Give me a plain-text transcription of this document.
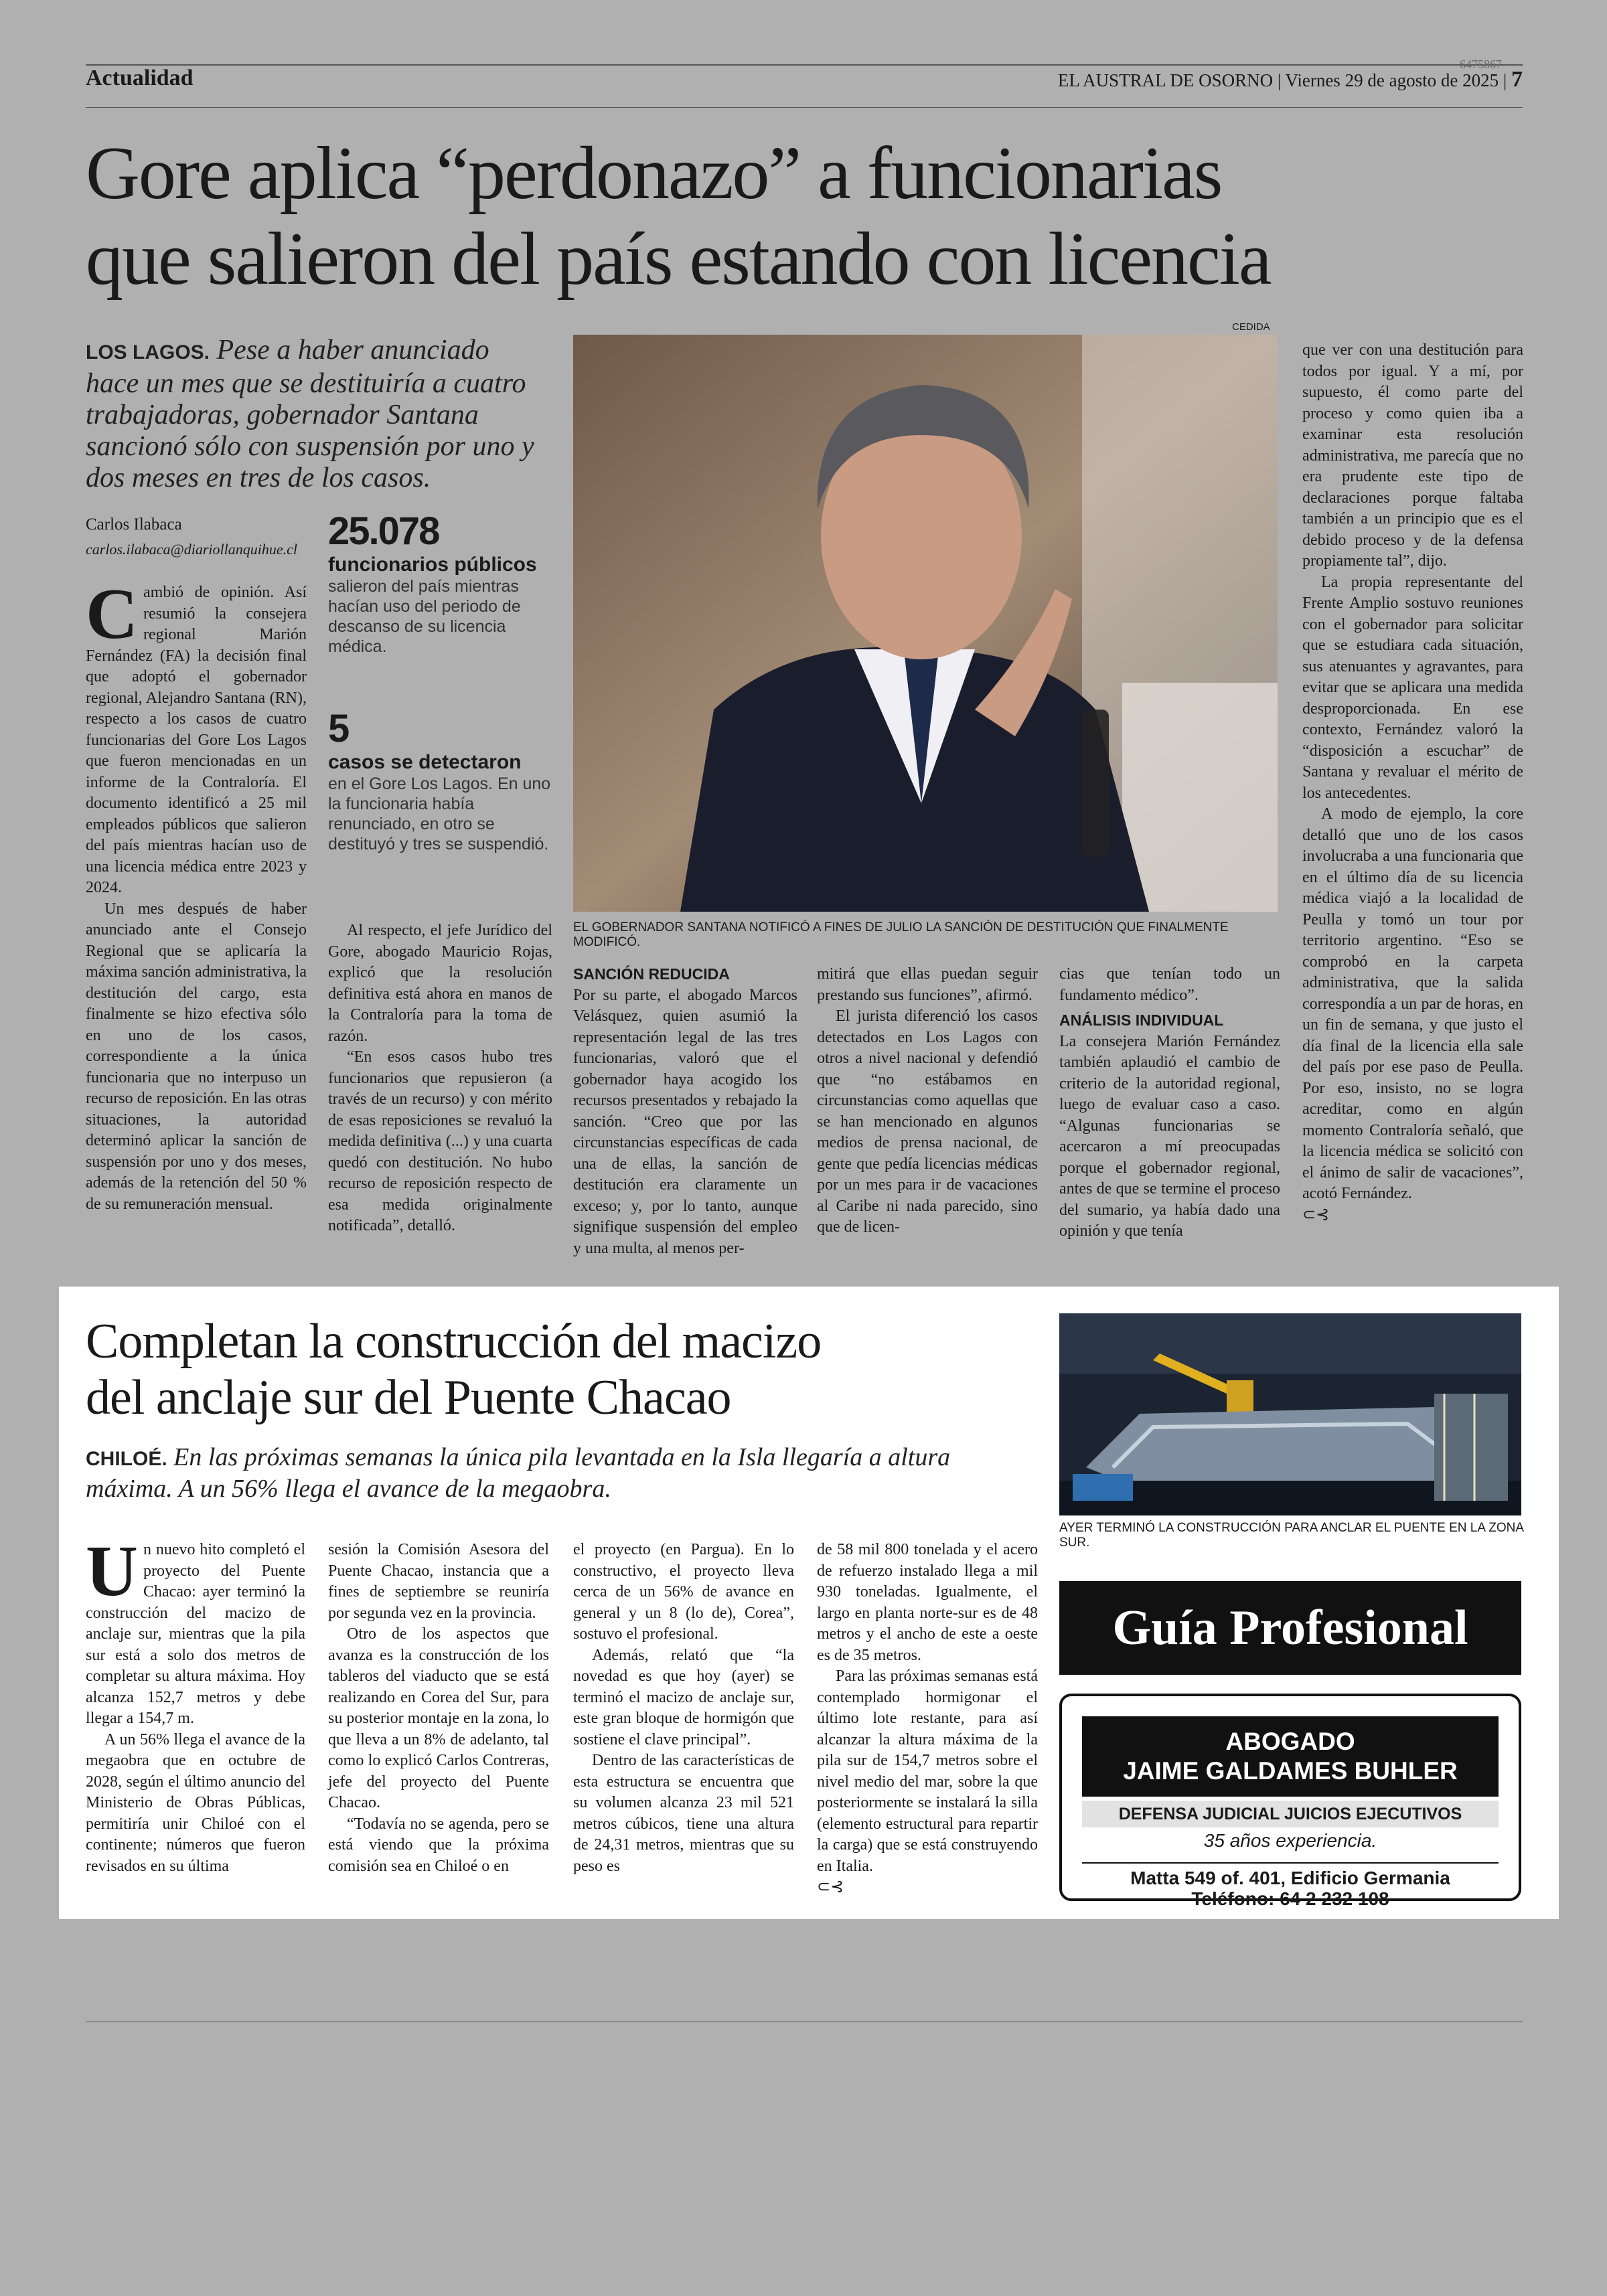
Actualidad	EL AUSTRAL DE OSORNO | Viernes 29 de agosto de 2025 | 7
6475867
Gore aplica “perdonazo” a funcionarias
que salieron del país estando con licencia
LOS LAGOS. Pese a haber anunciado hace un mes que se destituiría a cuatro trabajadoras, gobernador Santana sancionó sólo con suspensión por uno y dos meses en tres de los casos.
Carlos Ilabaca
carlos.ilabaca@diariollanquihue.cl 25.078
funcionarios públicos
salieron del país mientras hacían uso del periodo de descanso de su licencia médica.
5
casos se detectaron
en el Gore Los Lagos. En uno la funcionaria había renunciado, en otro se destituyó y tres se suspendió.
CEDIDA
EL GOBERNADOR SANTANA NOTIFICÓ A FINES DE JULIO LA SANCIÓN DE DESTITUCIÓN QUE FINALMENTE MODIFICÓ.
C ambió de opinión. Así resumió la consejera regional Marión Fernández (FA) la decisión final que adoptó el gobernador regional, Alejandro Santana (RN), respecto a los casos de cuatro funcionarias del Gore Los Lagos que fueron mencionadas en un informe de la Contraloría. El documento identificó a 25 mil empleados públicos que salieron del país mientras hacían uso de una licencia médica entre 2023 y 2024.

Un mes después de haber anunciado ante el Consejo Regional que se aplicaría la máxima sanción administrativa, la destitución del cargo, esta finalmente se hizo efectiva sólo en uno de los casos, correspondiente a la única funcionaria que no interpuso un recurso de reposición. En las otras situaciones, la autoridad determinó aplicar la sanción de suspensión por uno y dos meses, además de la retención del 50 % de su remuneración mensual.

Al respecto, el jefe Jurídico del Gore, abogado Mauricio Rojas, explicó que la resolución definitiva está ahora en manos de la Contraloría para la toma de razón.

“En esos casos hubo tres funcionarios que repusieron (a través de un recurso) y con mérito de esas reposiciones se revaluó la medida definitiva (...) y una cuarta quedó con destitución. No hubo recurso de reposición respecto de esa medida originalmente notificada”, detalló.

SANCIÓN REDUCIDA

Por su parte, el abogado Marcos Velásquez, quien asumió la representación legal de las tres funcionarias, valoró que el gobernador haya acogido los recursos presentados y rebajado la sanción. “Creo que por las circunstancias específicas de cada una de ellas, la sanción de destitución era claramente un exceso; y, por lo tanto, aunque signifique suspensión del empleo y una multa, al menos per-

mitirá que ellas puedan seguir prestando sus funciones”, afirmó.

El jurista diferenció los casos detectados en Los Lagos con otros a nivel nacional y defendió que “no estábamos en circunstancias como aquellas que se han mencionado en algunos medios de prensa nacional, de gente que pedía licencias médicas por un mes para ir de vacaciones al Caribe ni nada parecido, sino que de licen-

cias que tenían todo un fundamento médico”.

ANÁLISIS INDIVIDUAL

La consejera Marión Fernández también aplaudió el cambio de criterio de la autoridad regional, luego de evaluar caso a caso. “Algunas funcionarias se acercaron a mí preocupadas porque el gobernador regional, antes de que se termine el proceso del sumario, ya había dado una opinión y que tenía

que ver con una destitución para todos por igual. Y a mí, por supuesto, él como parte del proceso y como quien iba a examinar esta resolución administrativa, me parecía que no era prudente este tipo de declaraciones porque faltaba también a un principio que es el debido proceso y de la defensa propiamente tal”, dijo.

La propia representante del Frente Amplio sostuvo reuniones con el gobernador para solicitar que se estudiara cada situación, sus atenuantes y agravantes, para evitar que se aplicara una medida desproporcionada. En ese contexto, Fernández valoró la “disposición a escuchar” de Santana y revaluar el mérito de los antecedentes.

A modo de ejemplo, la core detalló que uno de los casos involucraba a una funcionaria que en el último día de su licencia médica viajó a la localidad de Peulla y tomó un tour por territorio argentino. “Eso se comprobó en la carpeta administrativa, que la salida correspondía a un par de horas, en un fin de semana, y que justo el día final de la licencia ella sale del país por ese paso de Peulla. Por eso, insisto, no se logra acreditar, como en algún momento Contraloría señaló, que la licencia médica se solicitó con el ánimo de salir de vacaciones”, acotó Fernández.

⊂⊰
Completan la construcción del macizo
del anclaje sur del Puente Chacao
CHILOÉ. En las próximas semanas la única pila levantada en la Isla llegaría a altura máxima. A un 56% llega el avance de la megaobra.
AYER TERMINÓ LA CONSTRUCCIÓN PARA ANCLAR EL PUENTE EN LA ZONA SUR.
U n nuevo hito completó el proyecto del Puente Chacao: ayer terminó la construcción del macizo de anclaje sur, mientras que la pila sur está a solo dos metros de completar su altura máxima. Hoy alcanza 152,7 metros y debe llegar a 154,7 m.

A un 56% llega el avance de la megaobra que en octubre de 2028, según el último anuncio del Ministerio de Obras Públicas, permitiría unir Chiloé con el continente; números que fueron revisados en su última

sesión la Comisión Asesora del Puente Chacao, instancia que a fines de septiembre se reuniría por segunda vez en la provincia.

Otro de los aspectos que avanza es la construcción de los tableros del viaducto que se está realizando en Corea del Sur, para su posterior montaje en la zona, lo que lleva a un 8% de adelanto, tal como lo explicó Carlos Contreras, jefe del proyecto del Puente Chacao.

“Todavía no se agenda, pero se está viendo que la próxima comisión sea en Chiloé o en

el proyecto (en Pargua). En lo constructivo, el proyecto lleva cerca de un 56% de avance en general y un 8 (lo de), Corea”, sostuvo el profesional.

Además, relató que “la novedad es que hoy (ayer) se terminó el macizo de anclaje sur, este gran bloque de hormigón que sostiene el clave principal”.

Dentro de las características de esta estructura se encuentra que su volumen alcanza 23 mil 521 metros cúbicos, tiene una altura de 24,31 metros, mientras que su peso es

de 58 mil 800 tonelada y el acero de refuerzo instalado llega a mil 930 toneladas. Igualmente, el largo en planta norte-sur es de 48 metros y el ancho de este a oeste es de 35 metros.

Para las próximas semanas está contemplado hormigonar el último lote restante, para así alcanzar la altura máxima de la pila sur de 154,7 metros sobre el nivel medio del mar, sobre la que posteriormente se instalará la silla (elemento estructural para repartir la carga) que se está construyendo en Italia.

⊂⊰
Guía Profesional
ABOGADO
JAIME GALDAMES BUHLER
DEFENSA JUDICIAL JUICIOS EJECUTIVOS
35 años experiencia.
Matta 549 of. 401, Edificio Germania
Teléfono: 64 2 232 108
